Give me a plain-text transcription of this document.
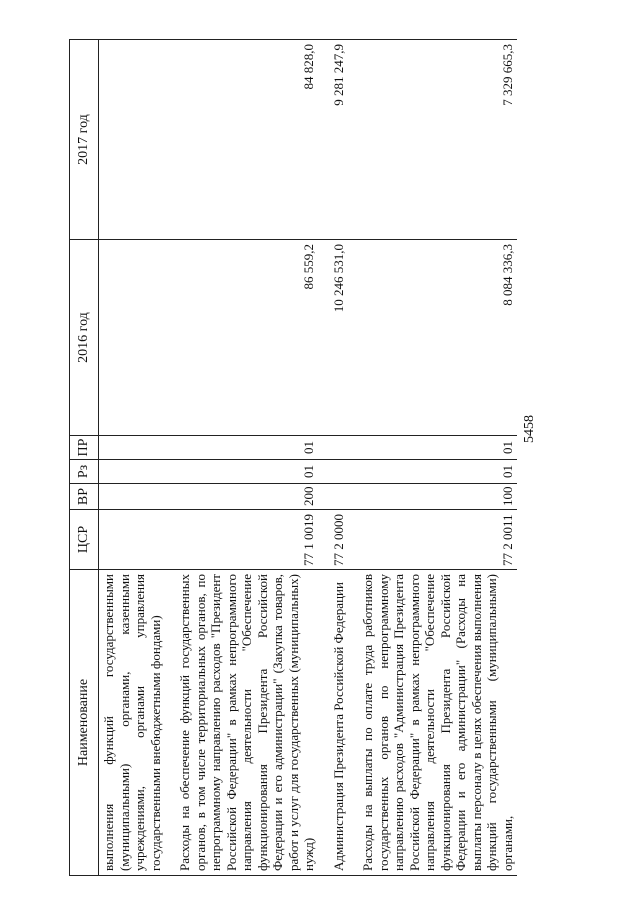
5458
Наименование	ЦСР	ВР	Рз	ПР	2016 год	2017 год
выполнения функций государственными (муниципальными) органами, казенными учреждениями, органами управления государственными внебюджетными фондами)						

Расходы на обеспечение функций государственных органов, в том числе территориальных органов, по непрограммному направлению расходов "Президент Российской Федерации" в рамках непрограммного направления деятельности "Обеспечение функционирования Президента Российской Федерации и его администрации" (Закупка товаров, работ и услуг для государственных (муниципальных) нужд)	77 1 0019	200	01	01	86 559,2	84 828,0

Администрация Президента Российской Федерации	77 2 0000				10 246 531,0	9 281 247,9

Расходы на выплаты по оплате труда работников государственных органов по непрограммному направлению расходов "Администрация Президента Российской Федерации" в рамках непрограммного направления деятельности "Обеспечение функционирования Президента Российской Федерации и его администрации" (Расходы на выплаты персоналу в целях обеспечения выполнения функций государственными (муниципальными) органами,	77 2 0011	100	01	01	8 084 336,3	7 329 665,3
